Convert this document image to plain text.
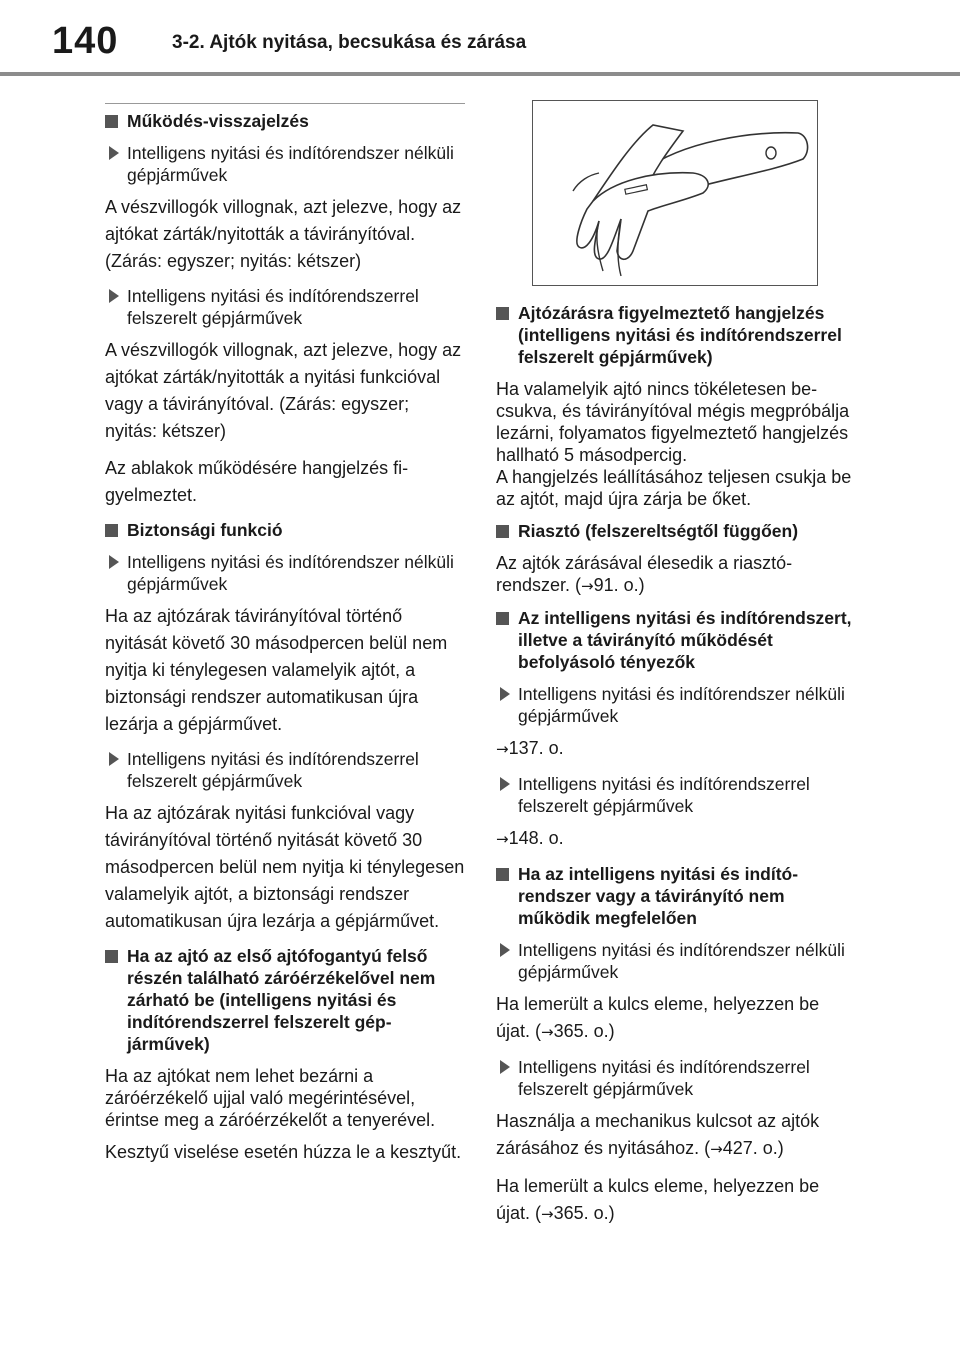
140	3-2. Ajtók nyitása, becsukása és zárása
Működés-visszajelzés
Intelligens nyitási és indítórendszer nélküli gépjárművek
A vészvillogók villognak, azt jelezve, hogy az ajtókat zárták/nyitották a távirányítóval. (Zárás: egyszer; nyitás: kétszer)
Intelligens nyitási és indítórendszerrel felszerelt gépjárművek
A vészvillogók villognak, azt jelezve, hogy az ajtókat zárták/nyitották a nyitási funkcióval vagy a távirányítóval. (Zárás: egyszer; nyitás: kétszer)
Az ablakok működésére hangjelzés figyelmeztet.
Biztonsági funkció
Intelligens nyitási és indítórendszer nélküli gépjárművek
Ha az ajtózárak távirányítóval történő nyitását követő 30 másodpercen belül nem nyitja ki ténylegesen valamelyik ajtót, a biztonsági rendszer automatikusan újra lezárja a gépjárművet.
Intelligens nyitási és indítórendszerrel felszerelt gépjárművek
Ha az ajtózárak nyitási funkcióval vagy távirányítóval történő nyitását követő 30 másodpercen belül nem nyitja ki ténylegesen valamelyik ajtót, a biztonsági rendszer automatikusan újra lezárja a gépjárművet.
Ha az ajtó az első ajtófogantyú felső részén található záróérzékelővel nem zárható be (intelligens nyitási és indítórendszerrel felszerelt gépjárművek)
Ha az ajtókat nem lehet bezárni a záróérzékelő ujjal való megérintésével, érintse meg a záróérzékelőt a tenyerével.
Kesztyű viselése esetén húzza le a kesztyűt.
Ajtózárásra figyelmeztető hangjelzés (intelligens nyitási és indítórendszerrel felszerelt gépjárművek)
Ha valamelyik ajtó nincs tökéletesen becsukva, és távirányítóval mégis megpróbálja lezárni, folyamatos figyelmeztető hangjelzés hallható 5 másodpercig.
A hangjelzés leállításához teljesen csukja be az ajtót, majd újra zárja be őket.
Riasztó (felszereltségtől függően)
Az ajtók zárásával élesedik a riasztórendszer. (→91. o.)
Az intelligens nyitási és indítórendszert, illetve a távirányító működését befolyásoló tényezők
Intelligens nyitási és indítórendszer nélküli gépjárművek
→137. o.
Intelligens nyitási és indítórendszerrel felszerelt gépjárművek
→148. o.
Ha az intelligens nyitási és indítórendszer vagy a távirányító nem működik megfelelően
Intelligens nyitási és indítórendszer nélküli gépjárművek
Ha lemerült a kulcs eleme, helyezzen be újat. (→365. o.)
Intelligens nyitási és indítórendszerrel felszerelt gépjárművek
Használja a mechanikus kulcsot az ajtók zárásához és nyitásához. (→427. o.)
Ha lemerült a kulcs eleme, helyezzen be újat. (→365. o.)
